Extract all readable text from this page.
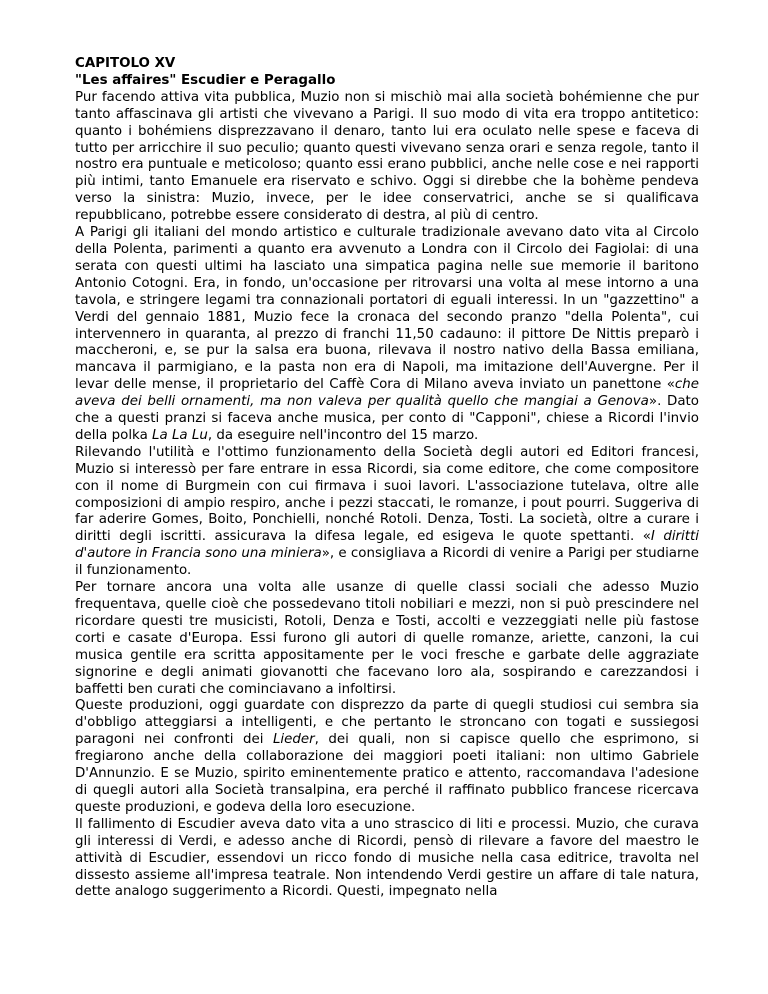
CAPITOLO XV
"Les affaires" Escudier e Peragallo

Pur facendo attiva vita pubblica, Muzio non si mischiò mai alla società bohémienne che pur tanto affascinava gli artisti che vivevano a Parigi. Il suo modo di vita era troppo antitetico: quanto i bohémiens disprezzavano il denaro, tanto lui era oculato nelle spese e faceva di tutto per arricchire il suo peculio; quanto questi vivevano senza orari e senza regole, tanto il nostro era puntuale e meticoloso; quanto essi erano pubblici, anche nelle cose e nei rapporti più intimi, tanto Emanuele era riservato e schivo. Oggi si direbbe che la bohème pendeva verso la sinistra: Muzio, invece, per le idee conservatrici, anche se si qualificava repubblicano, potrebbe essere considerato di destra, al più di centro.

A Parigi gli italiani del mondo artistico e culturale tradizionale avevano dato vita al Circolo della Polenta, parimenti a quanto era avvenuto a Londra con il Circolo dei Fagiolai: di una serata con questi ultimi ha lasciato una simpatica pagina nelle sue memorie il baritono Antonio Cotogni. Era, in fondo, un'occasione per ritrovarsi una volta al mese intorno a una tavola, e stringere legami tra connazionali portatori di eguali interessi. In un "gazzettino" a Verdi del gennaio 1881, Muzio fece la cronaca del secondo pranzo "della Polenta", cui intervennero in quaranta, al prezzo di franchi 11,50 cadauno: il pittore De Nittis preparò i maccheroni, e, se pur la salsa era buona, rilevava il nostro nativo della Bassa emiliana, mancava il parmigiano, e la pasta non era di Napoli, ma imitazione dell'Auvergne. Per il levar delle mense, il proprietario del Caffè Cora di Milano aveva inviato un panettone «che aveva dei belli ornamenti, ma non valeva per qualità quello che mangiai a Genova». Dato che a questi pranzi si faceva anche musica, per conto di "Capponi", chiese a Ricordi l'invio della polka La La Lu, da eseguire nell'incontro del 15 marzo.

Rilevando l'utilità e l'ottimo funzionamento della Società degli autori ed Editori francesi, Muzio si interessò per fare entrare in essa Ricordi, sia come editore, che come compositore con il nome di Burgmein con cui firmava i suoi lavori. L'associazione tutelava, oltre alle composizioni di ampio respiro, anche i pezzi staccati, le romanze, i pout pourri. Suggeriva di far aderire Gomes, Boito, Ponchielli, nonché Rotoli. Denza, Tosti. La società, oltre a curare i diritti degli iscritti. assicurava la difesa legale, ed esigeva le quote spettanti. «I diritti d'autore in Francia sono una miniera», e consigliava a Ricordi di venire a Parigi per studiarne il funzionamento.

Per tornare ancora una volta alle usanze di quelle classi sociali che adesso Muzio frequentava, quelle cioè che possedevano titoli nobiliari e mezzi, non si può prescindere nel ricordare questi tre musicisti, Rotoli, Denza e Tosti, accolti e vezzeggiati nelle più fastose corti e casate d'Europa. Essi furono gli autori di quelle romanze, ariette, canzoni, la cui musica gentile era scritta appositamente per le voci fresche e garbate delle aggraziate signorine e degli animati giovanotti che facevano loro ala, sospirando e carezzandosi i baffetti ben curati che cominciavano a infoltirsi.

Queste produzioni, oggi guardate con disprezzo da parte di quegli studiosi cui sembra sia d'obbligo atteggiarsi a intelligenti, e che pertanto le stroncano con togati e sussiegosi paragoni nei confronti dei Lieder, dei quali, non si capisce quello che esprimono, si fregiarono anche della collaborazione dei maggiori poeti italiani: non ultimo Gabriele D'Annunzio. E se Muzio, spirito eminentemente pratico e attento, raccomandava l'adesione di quegli autori alla Società transalpina, era perché il raffinato pubblico francese ricercava queste produzioni, e godeva della loro esecuzione.

Il fallimento di Escudier aveva dato vita a uno strascico di liti e processi. Muzio, che curava gli interessi di Verdi, e adesso anche di Ricordi, pensò di rilevare a favore del maestro le attività di Escudier, essendovi un ricco fondo di musiche nella casa editrice, travolta nel dissesto assieme all'impresa teatrale. Non intendendo Verdi gestire un affare di tale natura, dette analogo suggerimento a Ricordi. Questi, impegnato nella
